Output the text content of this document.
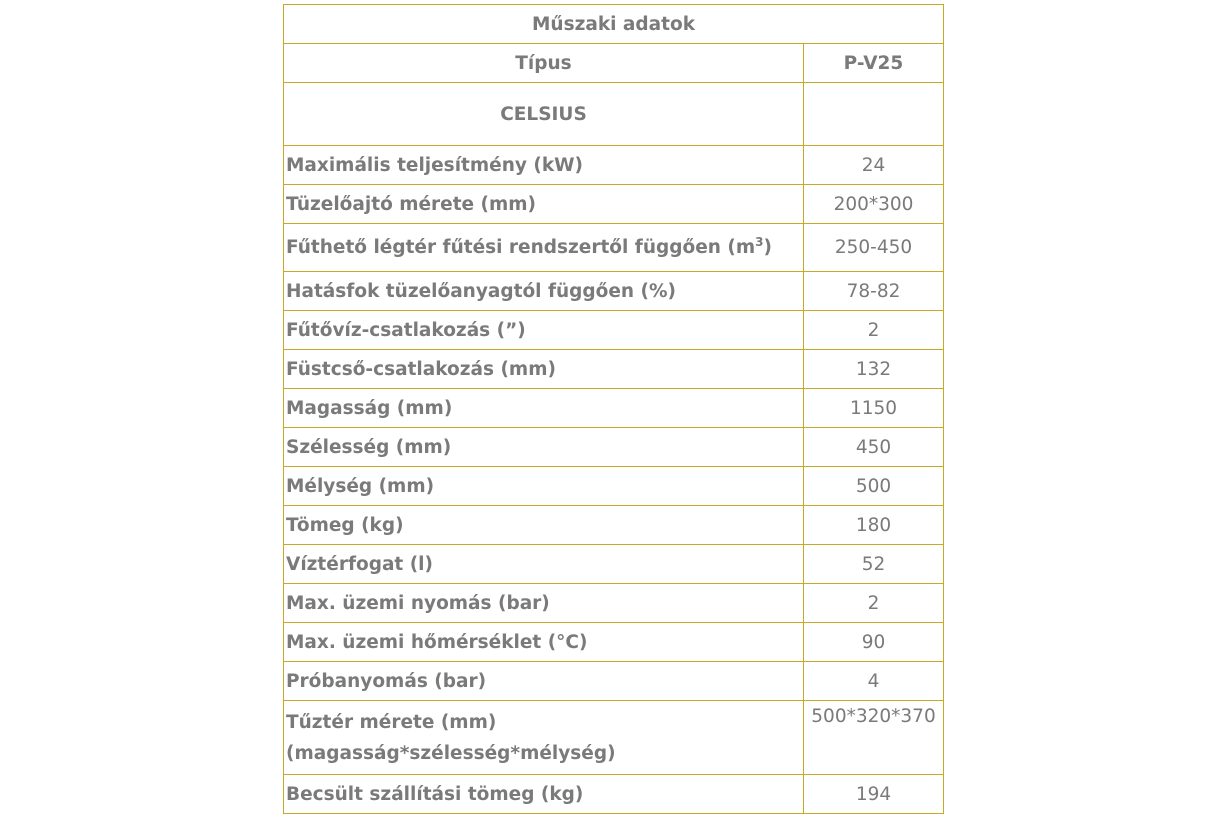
Műszaki adatok	
Típus	P-V25
CELSIUS	
Maximális teljesítmény (kW)	24
Tüzelőajtó mérete (mm)	200*300
Fűthető légtér fűtési rendszertől függően $(m^3)$	250-450
Hatásfok tüzelőanyagtól függően (%)	78-82
Fűtővíz-csatlakozás (”)	2
Füstcső-csatlakozás (mm)	132
Magasság (mm)	1150
Szélesség (mm)	450
Mélység (mm)	500
Tömeg (kg)	180
Víztérfogat (l)	52
Max. üzemi nyomás (bar)	2
Max. üzemi hőmérséklet (°C)	90
Próbanyomás (bar)	4

Tűztér mérete (mm)
(magasság*szélesség*mélység)	500*320*370
Becsült szállítási tömeg (kg)	194
